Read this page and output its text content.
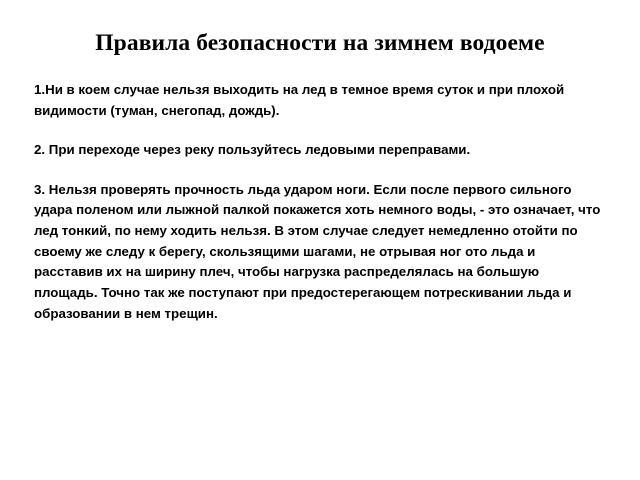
Правила безопасности на зимнем водоеме

1.Ни в коем случае нельзя выходить на лед в темное время суток и при плохой видимости (туман, снегопад, дождь).

2. При переходе через реку пользуйтесь ледовыми переправами.

3. Нельзя проверять прочность льда ударом ноги. Если после первого сильного удара поленом или лыжной палкой покажется хоть немного воды, - это означает, что лед тонкий, по нему ходить нельзя. В этом случае следует немедленно отойти по своему же следу к берегу, скользящими шагами, не отрывая ног ото льда и расставив их на ширину плеч, чтобы нагрузка распределялась на большую площадь. Точно так же поступают при предостерегающем потрескивании льда и образовании в нем трещин.
